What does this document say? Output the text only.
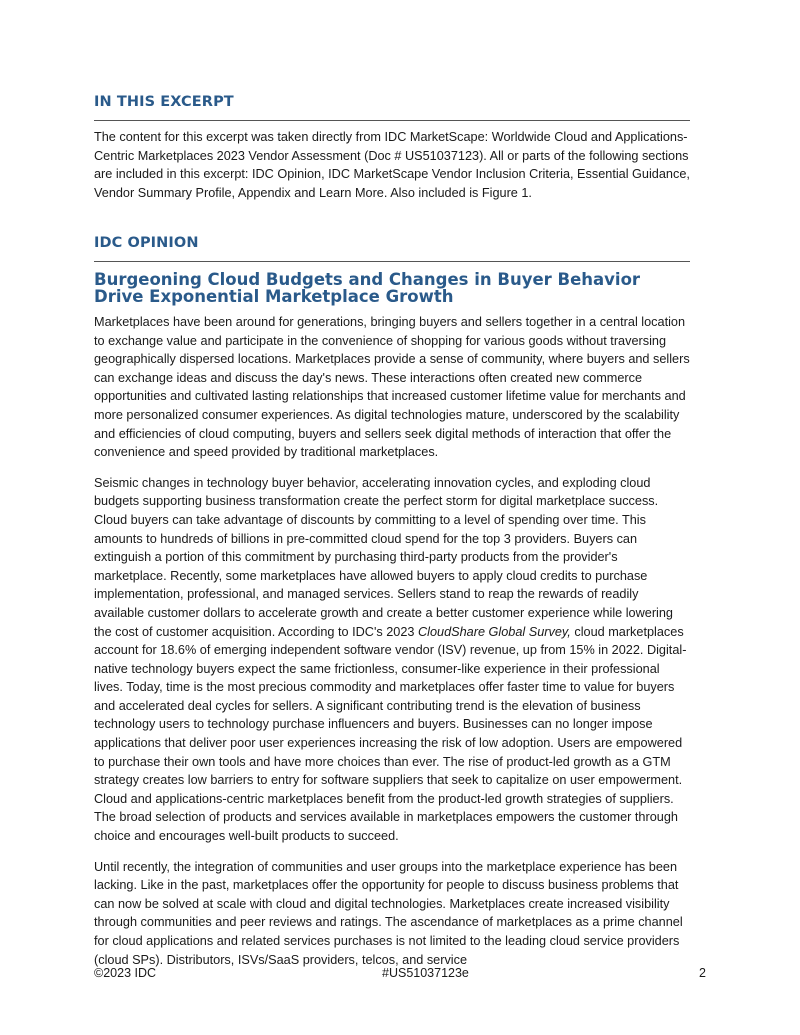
IN THIS EXCERPT

The content for this excerpt was taken directly from IDC MarketScape: Worldwide Cloud and Applications-Centric Marketplaces 2023 Vendor Assessment (Doc # US51037123). All or parts of the following sections are included in this excerpt: IDC Opinion, IDC MarketScape Vendor Inclusion Criteria, Essential Guidance, Vendor Summary Profile, Appendix and Learn More. Also included is Figure 1.

IDC OPINION
Burgeoning Cloud Budgets and Changes in Buyer Behavior Drive Exponential Marketplace Growth

Marketplaces have been around for generations, bringing buyers and sellers together in a central location to exchange value and participate in the convenience of shopping for various goods without traversing geographically dispersed locations. Marketplaces provide a sense of community, where buyers and sellers can exchange ideas and discuss the day's news. These interactions often created new commerce opportunities and cultivated lasting relationships that increased customer lifetime value for merchants and more personalized consumer experiences. As digital technologies mature, underscored by the scalability and efficiencies of cloud computing, buyers and sellers seek digital methods of interaction that offer the convenience and speed provided by traditional marketplaces.

Seismic changes in technology buyer behavior, accelerating innovation cycles, and exploding cloud budgets supporting business transformation create the perfect storm for digital marketplace success. Cloud buyers can take advantage of discounts by committing to a level of spending over time. This amounts to hundreds of billions in pre-committed cloud spend for the top 3 providers. Buyers can extinguish a portion of this commitment by purchasing third-party products from the provider's marketplace. Recently, some marketplaces have allowed buyers to apply cloud credits to purchase implementation, professional, and managed services. Sellers stand to reap the rewards of readily available customer dollars to accelerate growth and create a better customer experience while lowering the cost of customer acquisition. According to IDC's 2023 CloudShare Global Survey, cloud marketplaces account for 18.6% of emerging independent software vendor (ISV) revenue, up from 15% in 2022. Digital-native technology buyers expect the same frictionless, consumer-like experience in their professional lives. Today, time is the most precious commodity and marketplaces offer faster time to value for buyers and accelerated deal cycles for sellers. A significant contributing trend is the elevation of business technology users to technology purchase influencers and buyers. Businesses can no longer impose applications that deliver poor user experiences increasing the risk of low adoption. Users are empowered to purchase their own tools and have more choices than ever. The rise of product-led growth as a GTM strategy creates low barriers to entry for software suppliers that seek to capitalize on user empowerment. Cloud and applications-centric marketplaces benefit from the product-led growth strategies of suppliers. The broad selection of products and services available in marketplaces empowers the customer through choice and encourages well-built products to succeed.

Until recently, the integration of communities and user groups into the marketplace experience has been lacking. Like in the past, marketplaces offer the opportunity for people to discuss business problems that can now be solved at scale with cloud and digital technologies. Marketplaces create increased visibility through communities and peer reviews and ratings. The ascendance of marketplaces as a prime channel for cloud applications and related services purchases is not limited to the leading cloud service providers (cloud SPs). Distributors, ISVs/SaaS providers, telcos, and service

©2023 IDC	#US51037123e	2
